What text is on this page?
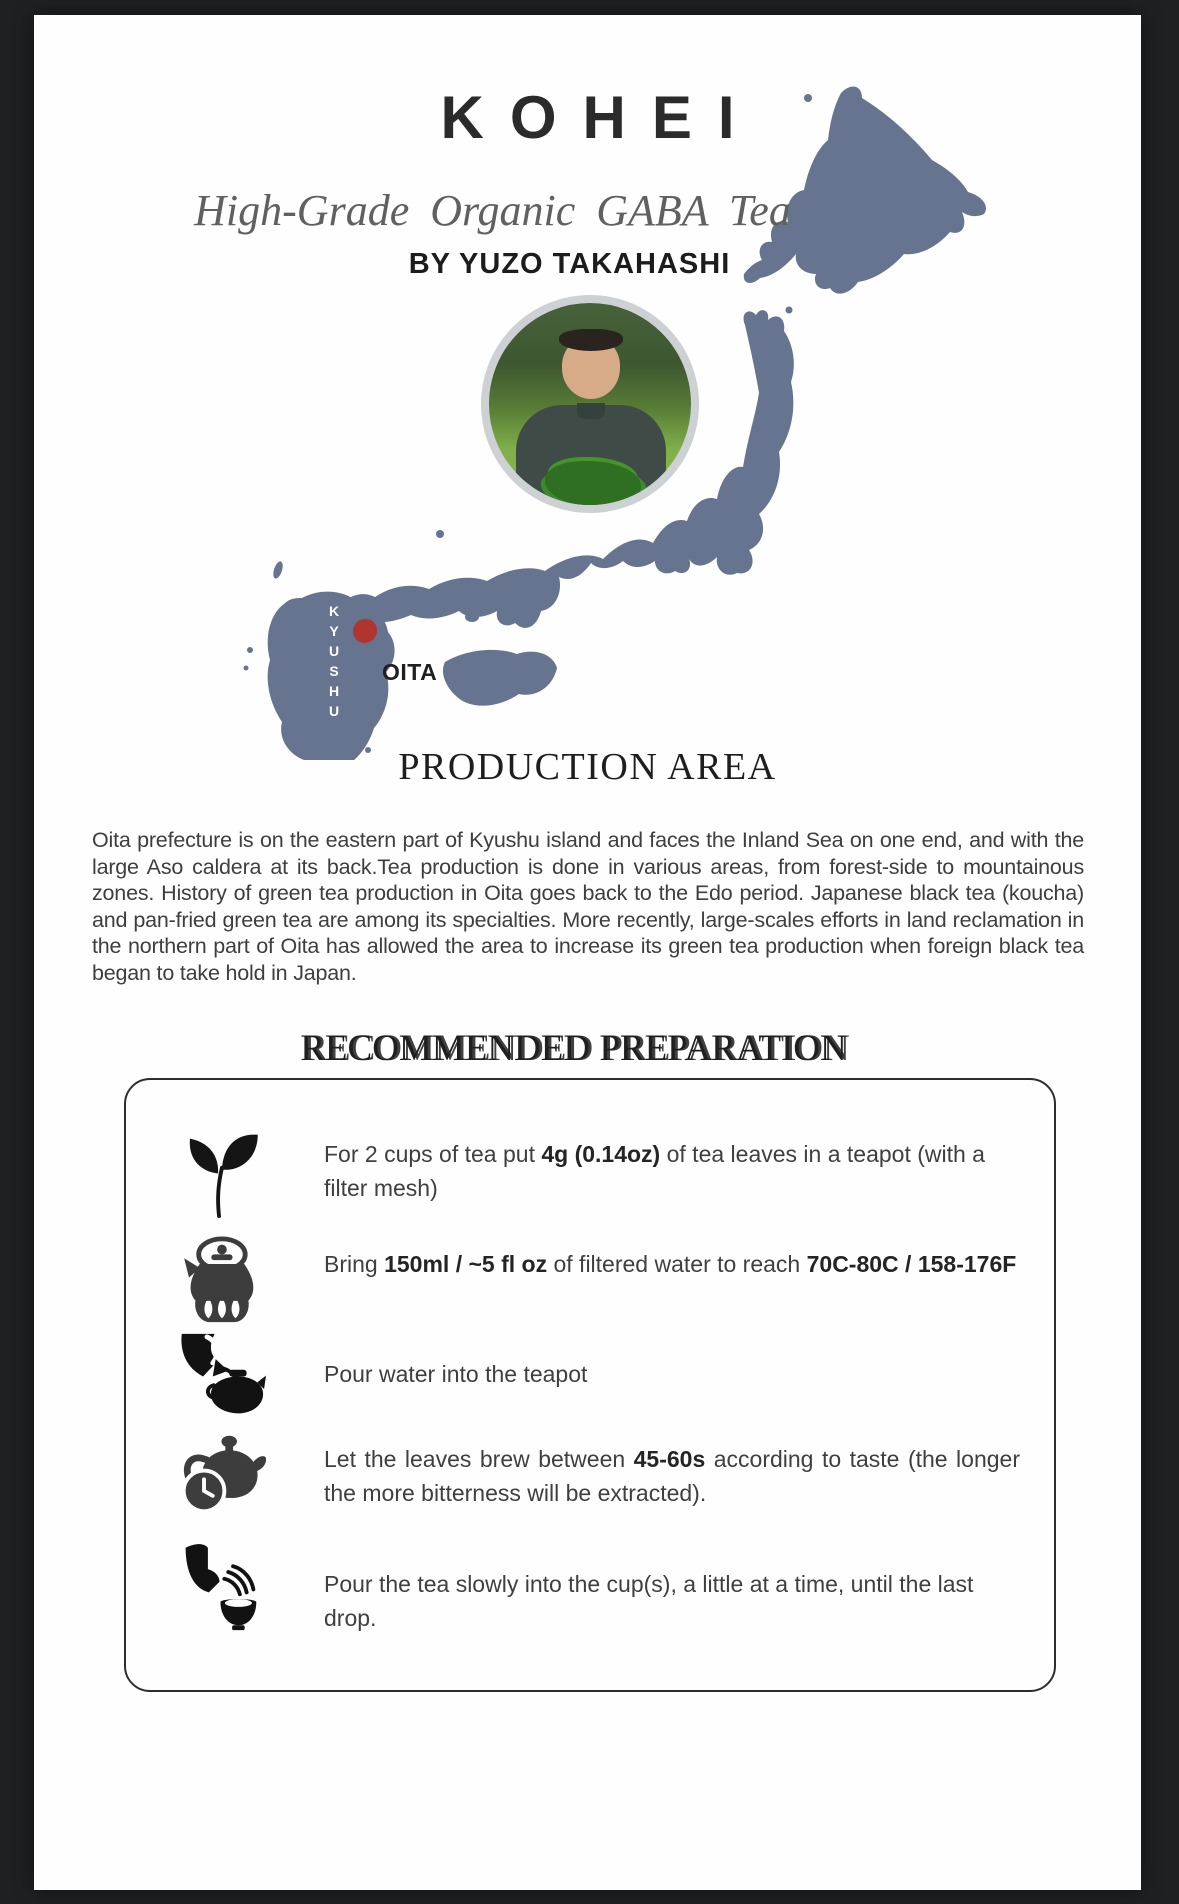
KOHEI
High-Grade Organic GABA Tea
BY YUZO TAKAHASHI
KYUSHU OITA
PRODUCTION AREA
Oita prefecture is on the eastern part of Kyushu island and faces the Inland Sea on one end, and with the large Aso caldera at its back.Tea production is done in various areas, from forest-side to mountainous zones. History of green tea production in Oita goes back to the Edo period. Japanese black tea (koucha) and pan-fried green tea are among its specialties. More recently, large-scales efforts in land reclamation in the northern part of Oita has allowed the area to increase its green tea production when foreign black tea began to take hold in Japan.
RECOMMENDED PREPARATION
For 2 cups of tea put 4g (0.14oz) of tea leaves in a teapot (with a filter mesh)
Bring 150ml / ~5 fl oz of filtered water to reach 70C-80C / 158-176F
Pour water into the teapot
Let the leaves brew between 45-60s according to taste (the longer the more bitterness will be extracted).
Pour the tea slowly into the cup(s), a little at a time, until the last drop.
